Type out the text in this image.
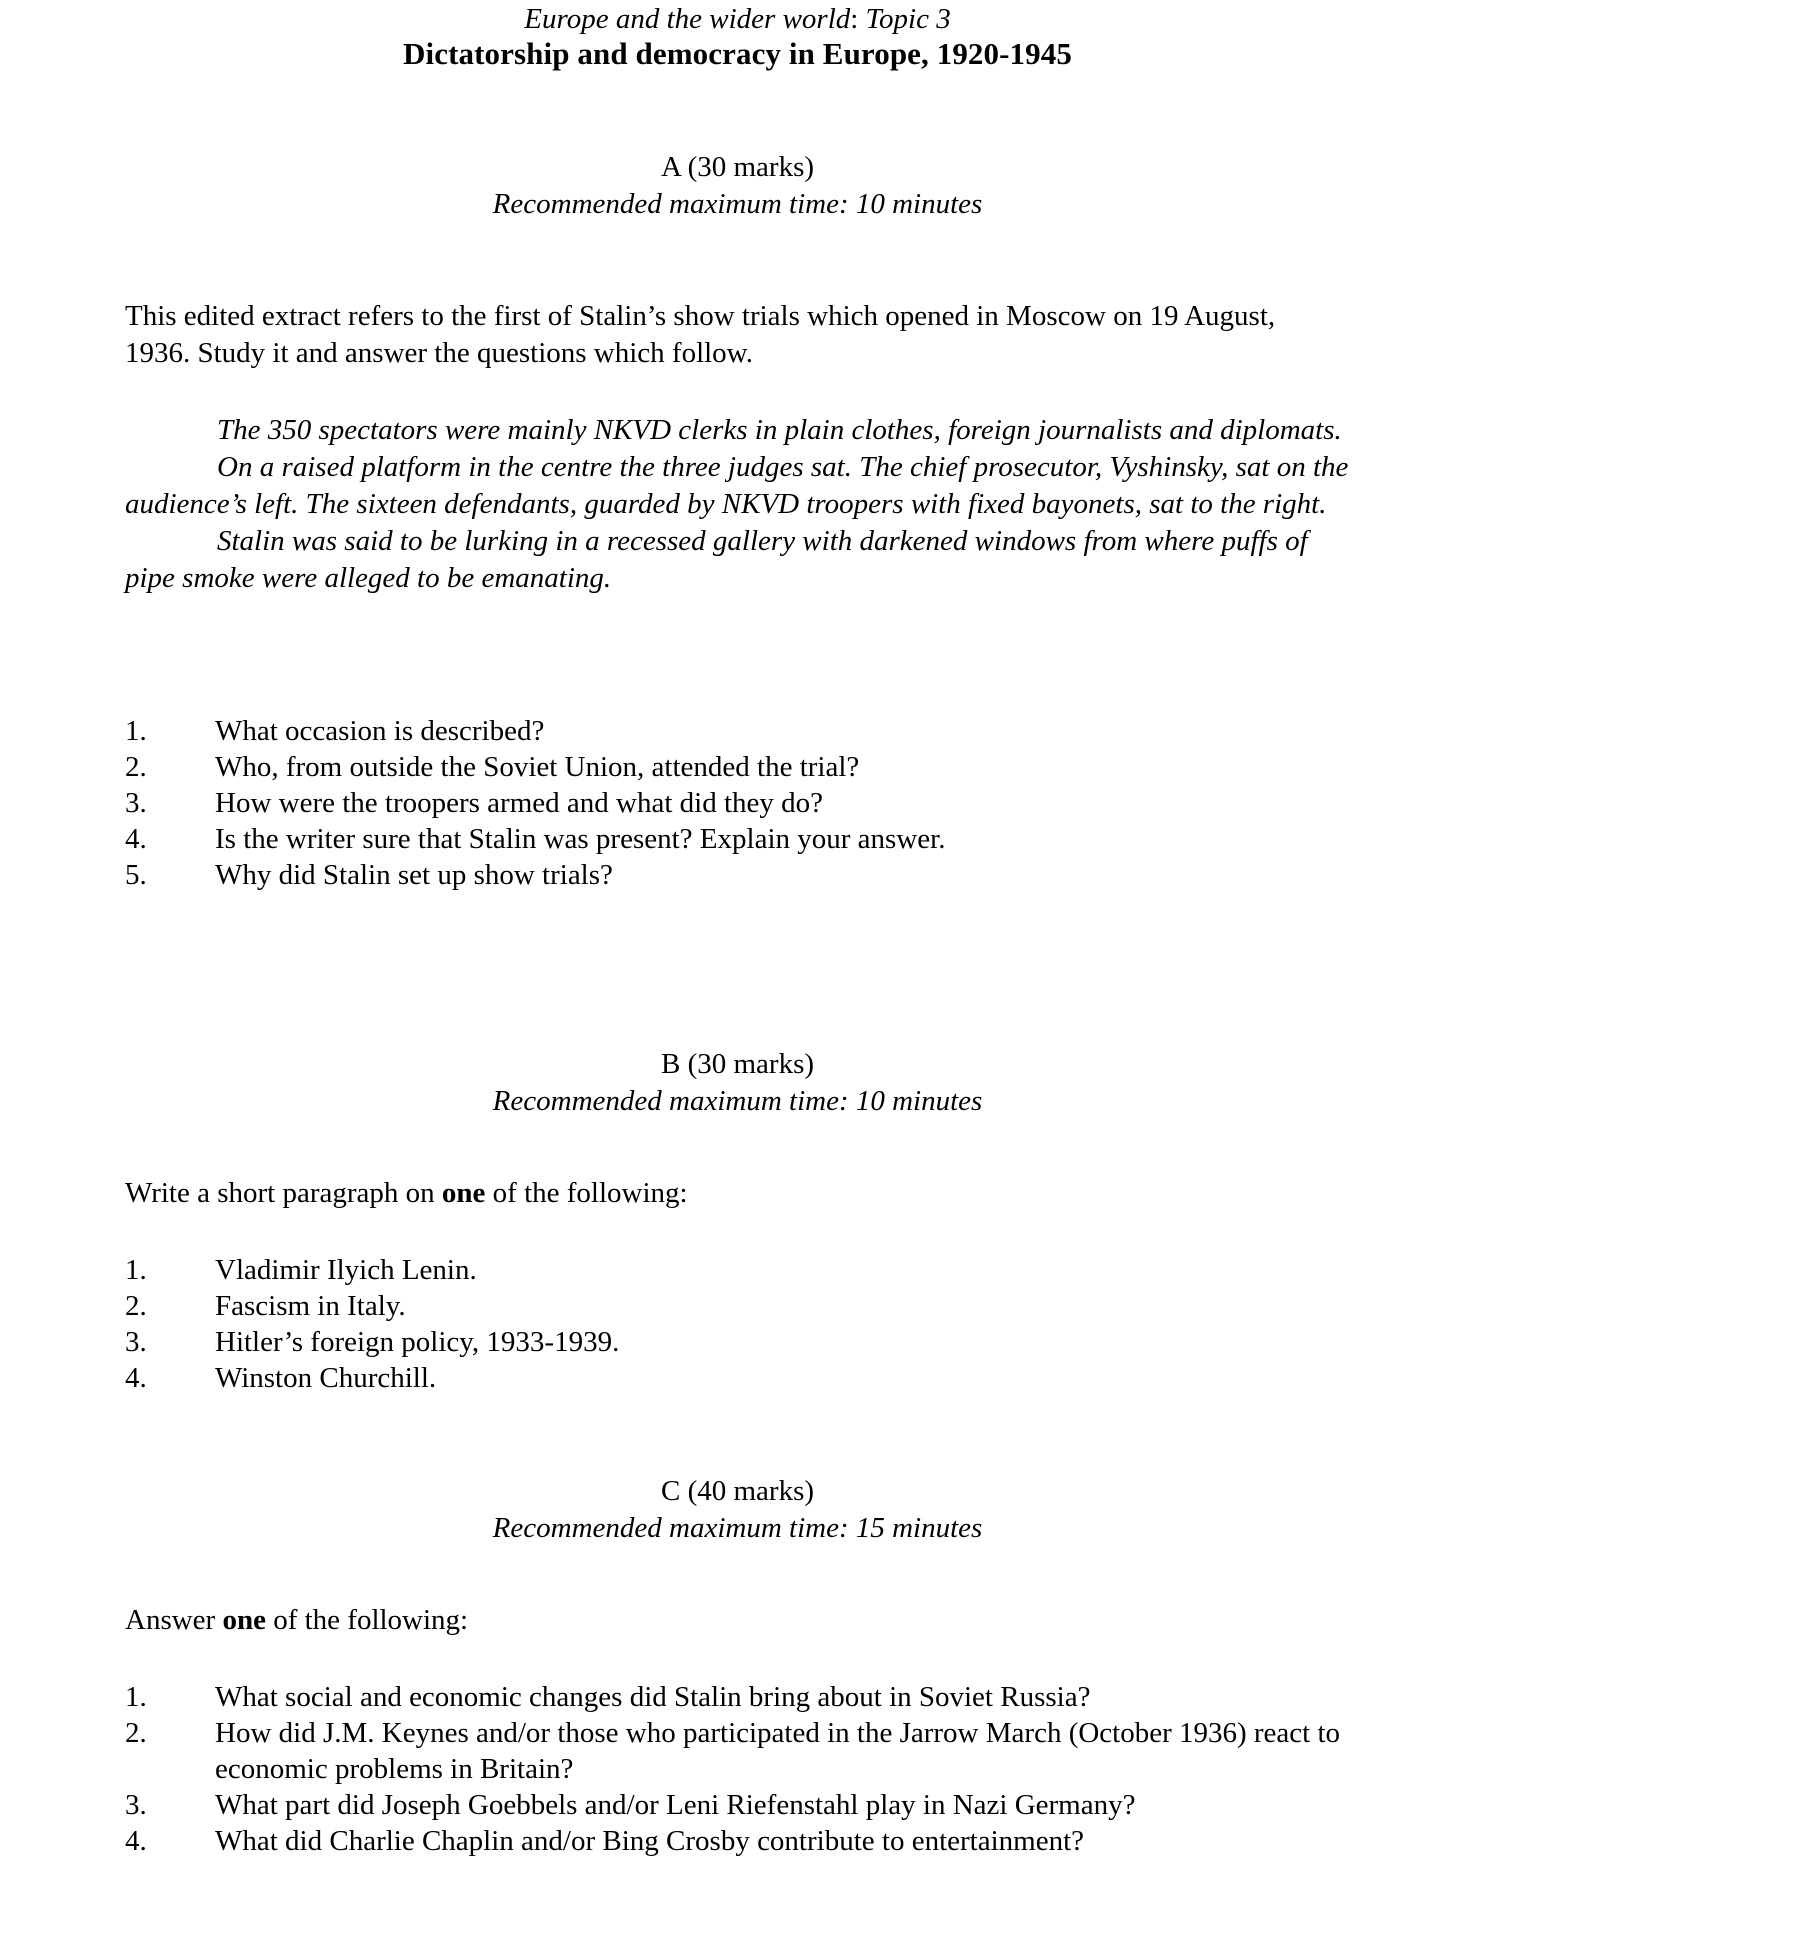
Europe and the wider world: Topic 3
Dictatorship and democracy in Europe, 1920-1945
A (30 marks)
Recommended maximum time: 10 minutes

This edited extract refers to the first of Stalin’s show trials which opened in Moscow on 19 August,

1936. Study it and answer the questions which follow.

The 350 spectators were mainly NKVD clerks in plain clothes, foreign journalists and diplomats.

On a raised platform in the centre the three judges sat. The chief prosecutor, Vyshinsky, sat on the audience’s left. The sixteen defendants, guarded by NKVD troopers with fixed bayonets, sat to the right.

Stalin was said to be lurking in a recessed gallery with darkened windows from where puffs of pipe smoke were alleged to be emanating.

1.	What occasion is described?
2.	Who, from outside the Soviet Union, attended the trial?
3.	How were the troopers armed and what did they do?
4.	Is the writer sure that Stalin was present? Explain your answer.
5.	Why did Stalin set up show trials?
B (30 marks)
Recommended maximum time: 10 minutes

Write a short paragraph on one of the following:

1.	Vladimir Ilyich Lenin.
2.	Fascism in Italy.
3.	Hitler’s foreign policy, 1933-1939.
4.	Winston Churchill.
C (40 marks)
Recommended maximum time: 15 minutes

Answer one of the following:

1.	What social and economic changes did Stalin bring about in Soviet Russia?
2.	How did J.M. Keynes and/or those who participated in the Jarrow March (October 1936) react to economic problems in Britain?
3.	What part did Joseph Goebbels and/or Leni Riefenstahl play in Nazi Germany?
4.	What did Charlie Chaplin and/or Bing Crosby contribute to entertainment?
